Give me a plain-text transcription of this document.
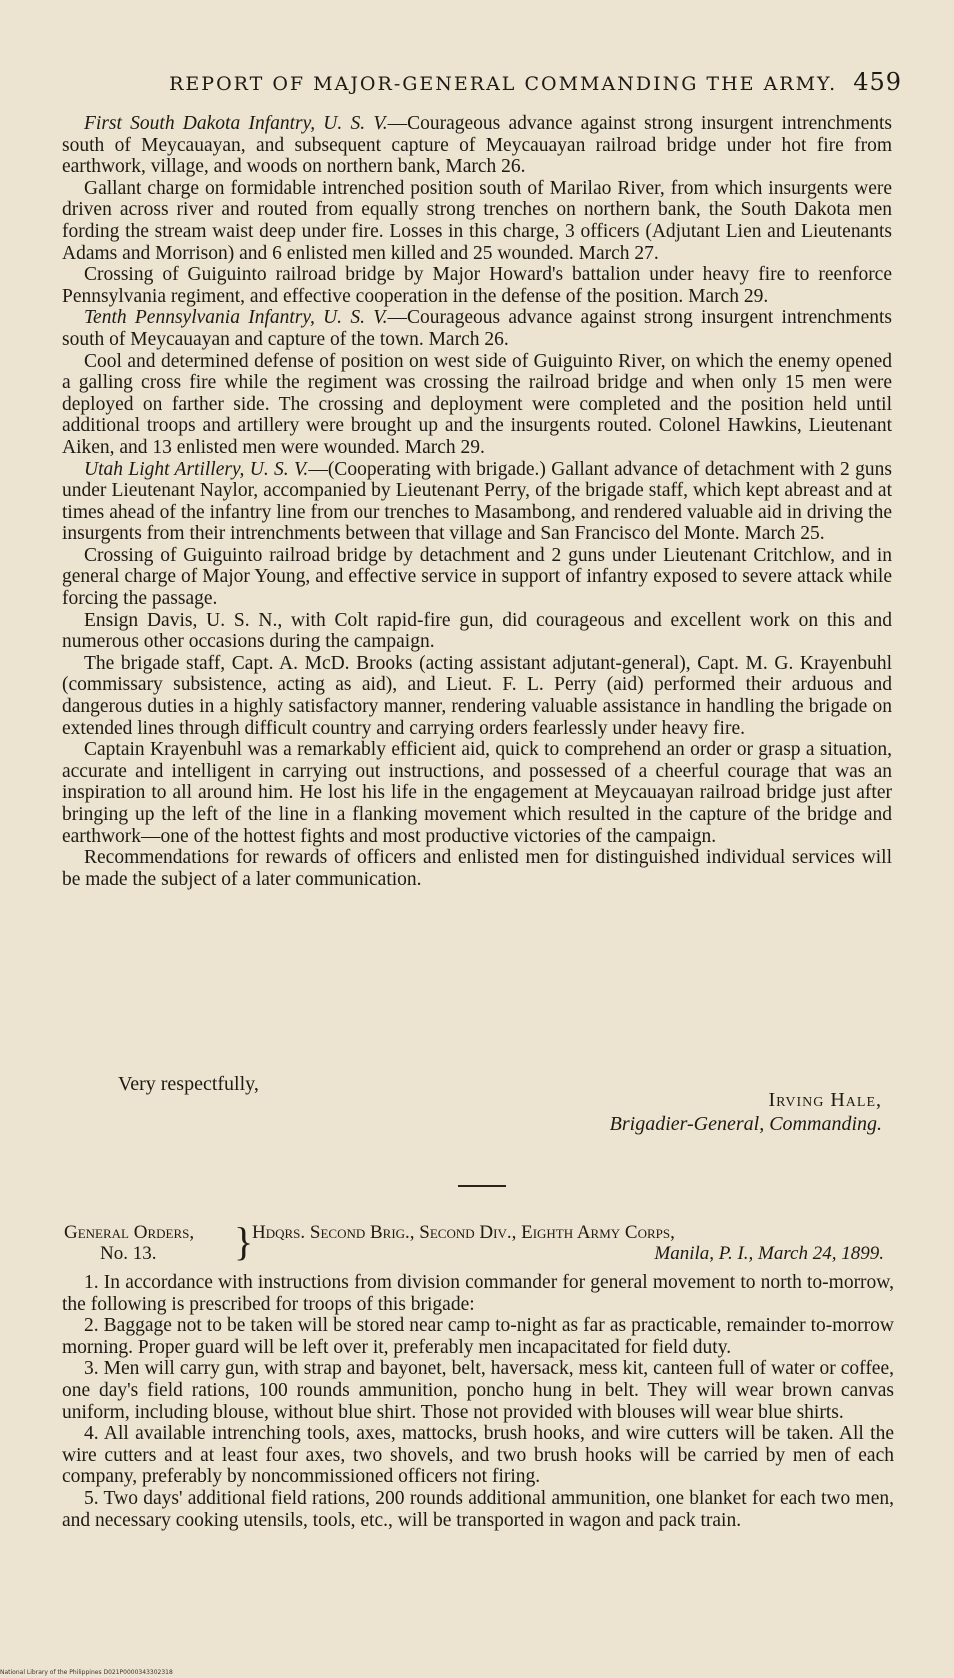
REPORT OF MAJOR-GENERAL COMMANDING THE ARMY. 459

First South Dakota Infantry, U. S. V.—Courageous advance against strong insurgent intrenchments south of Meycauayan, and subsequent capture of Meycauayan railroad bridge under hot fire from earthwork, village, and woods on northern bank, March 26.

Gallant charge on formidable intrenched position south of Marilao River, from which insurgents were driven across river and routed from equally strong trenches on northern bank, the South Dakota men fording the stream waist deep under fire. Losses in this charge, 3 officers (Adjutant Lien and Lieutenants Adams and Morrison) and 6 enlisted men killed and 25 wounded. March 27.

Crossing of Guiguinto railroad bridge by Major Howard's battalion under heavy fire to reenforce Pennsylvania regiment, and effective cooperation in the defense of the position. March 29.

Tenth Pennsylvania Infantry, U. S. V.—Courageous advance against strong insurgent intrenchments south of Meycauayan and capture of the town. March 26.

Cool and determined defense of position on west side of Guiguinto River, on which the enemy opened a galling cross fire while the regiment was crossing the railroad bridge and when only 15 men were deployed on farther side. The crossing and deployment were completed and the position held until additional troops and artillery were brought up and the insurgents routed. Colonel Hawkins, Lieutenant Aiken, and 13 enlisted men were wounded. March 29.

Utah Light Artillery, U. S. V.—(Cooperating with brigade.) Gallant advance of detachment with 2 guns under Lieutenant Naylor, accompanied by Lieutenant Perry, of the brigade staff, which kept abreast and at times ahead of the infantry line from our trenches to Masambong, and rendered valuable aid in driving the insurgents from their intrenchments between that village and San Francisco del Monte. March 25.

Crossing of Guiguinto railroad bridge by detachment and 2 guns under Lieutenant Critchlow, and in general charge of Major Young, and effective service in support of infantry exposed to severe attack while forcing the passage.

Ensign Davis, U. S. N., with Colt rapid-fire gun, did courageous and excellent work on this and numerous other occasions during the campaign.

The brigade staff, Capt. A. McD. Brooks (acting assistant adjutant-general), Capt. M. G. Krayenbuhl (commissary subsistence, acting as aid), and Lieut. F. L. Perry (aid) performed their arduous and dangerous duties in a highly satisfactory manner, rendering valuable assistance in handling the brigade on extended lines through difficult country and carrying orders fearlessly under heavy fire.

Captain Krayenbuhl was a remarkably efficient aid, quick to comprehend an order or grasp a situation, accurate and intelligent in carrying out instructions, and possessed of a cheerful courage that was an inspiration to all around him. He lost his life in the engagement at Meycauayan railroad bridge just after bringing up the left of the line in a flanking movement which resulted in the capture of the bridge and earthwork—one of the hottest fights and most productive victories of the campaign.

Recommendations for rewards of officers and enlisted men for distinguished individual services will be made the subject of a later communication.

Very respectfully,
Irving Hale,
Brigadier-General, Commanding.
General Orders,
No. 13.	}
Hdqrs. Second Brig., Second Div., Eighth Army Corps,
Manila, P. I., March 24, 1899.

1. In accordance with instructions from division commander for general movement to north to-morrow, the following is prescribed for troops of this brigade:

2. Baggage not to be taken will be stored near camp to-night as far as practicable, remainder to-morrow morning. Proper guard will be left over it, preferably men incapacitated for field duty.

3. Men will carry gun, with strap and bayonet, belt, haversack, mess kit, canteen full of water or coffee, one day's field rations, 100 rounds ammunition, poncho hung in belt. They will wear brown canvas uniform, including blouse, without blue shirt. Those not provided with blouses will wear blue shirts.

4. All available intrenching tools, axes, mattocks, brush hooks, and wire cutters will be taken. All the wire cutters and at least four axes, two shovels, and two brush hooks will be carried by men of each company, preferably by noncommissioned officers not firing.

5. Two days' additional field rations, 200 rounds additional ammunition, one blanket for each two men, and necessary cooking utensils, tools, etc., will be transported in wagon and pack train.

National Library of the Philippines D021P0000343302318
